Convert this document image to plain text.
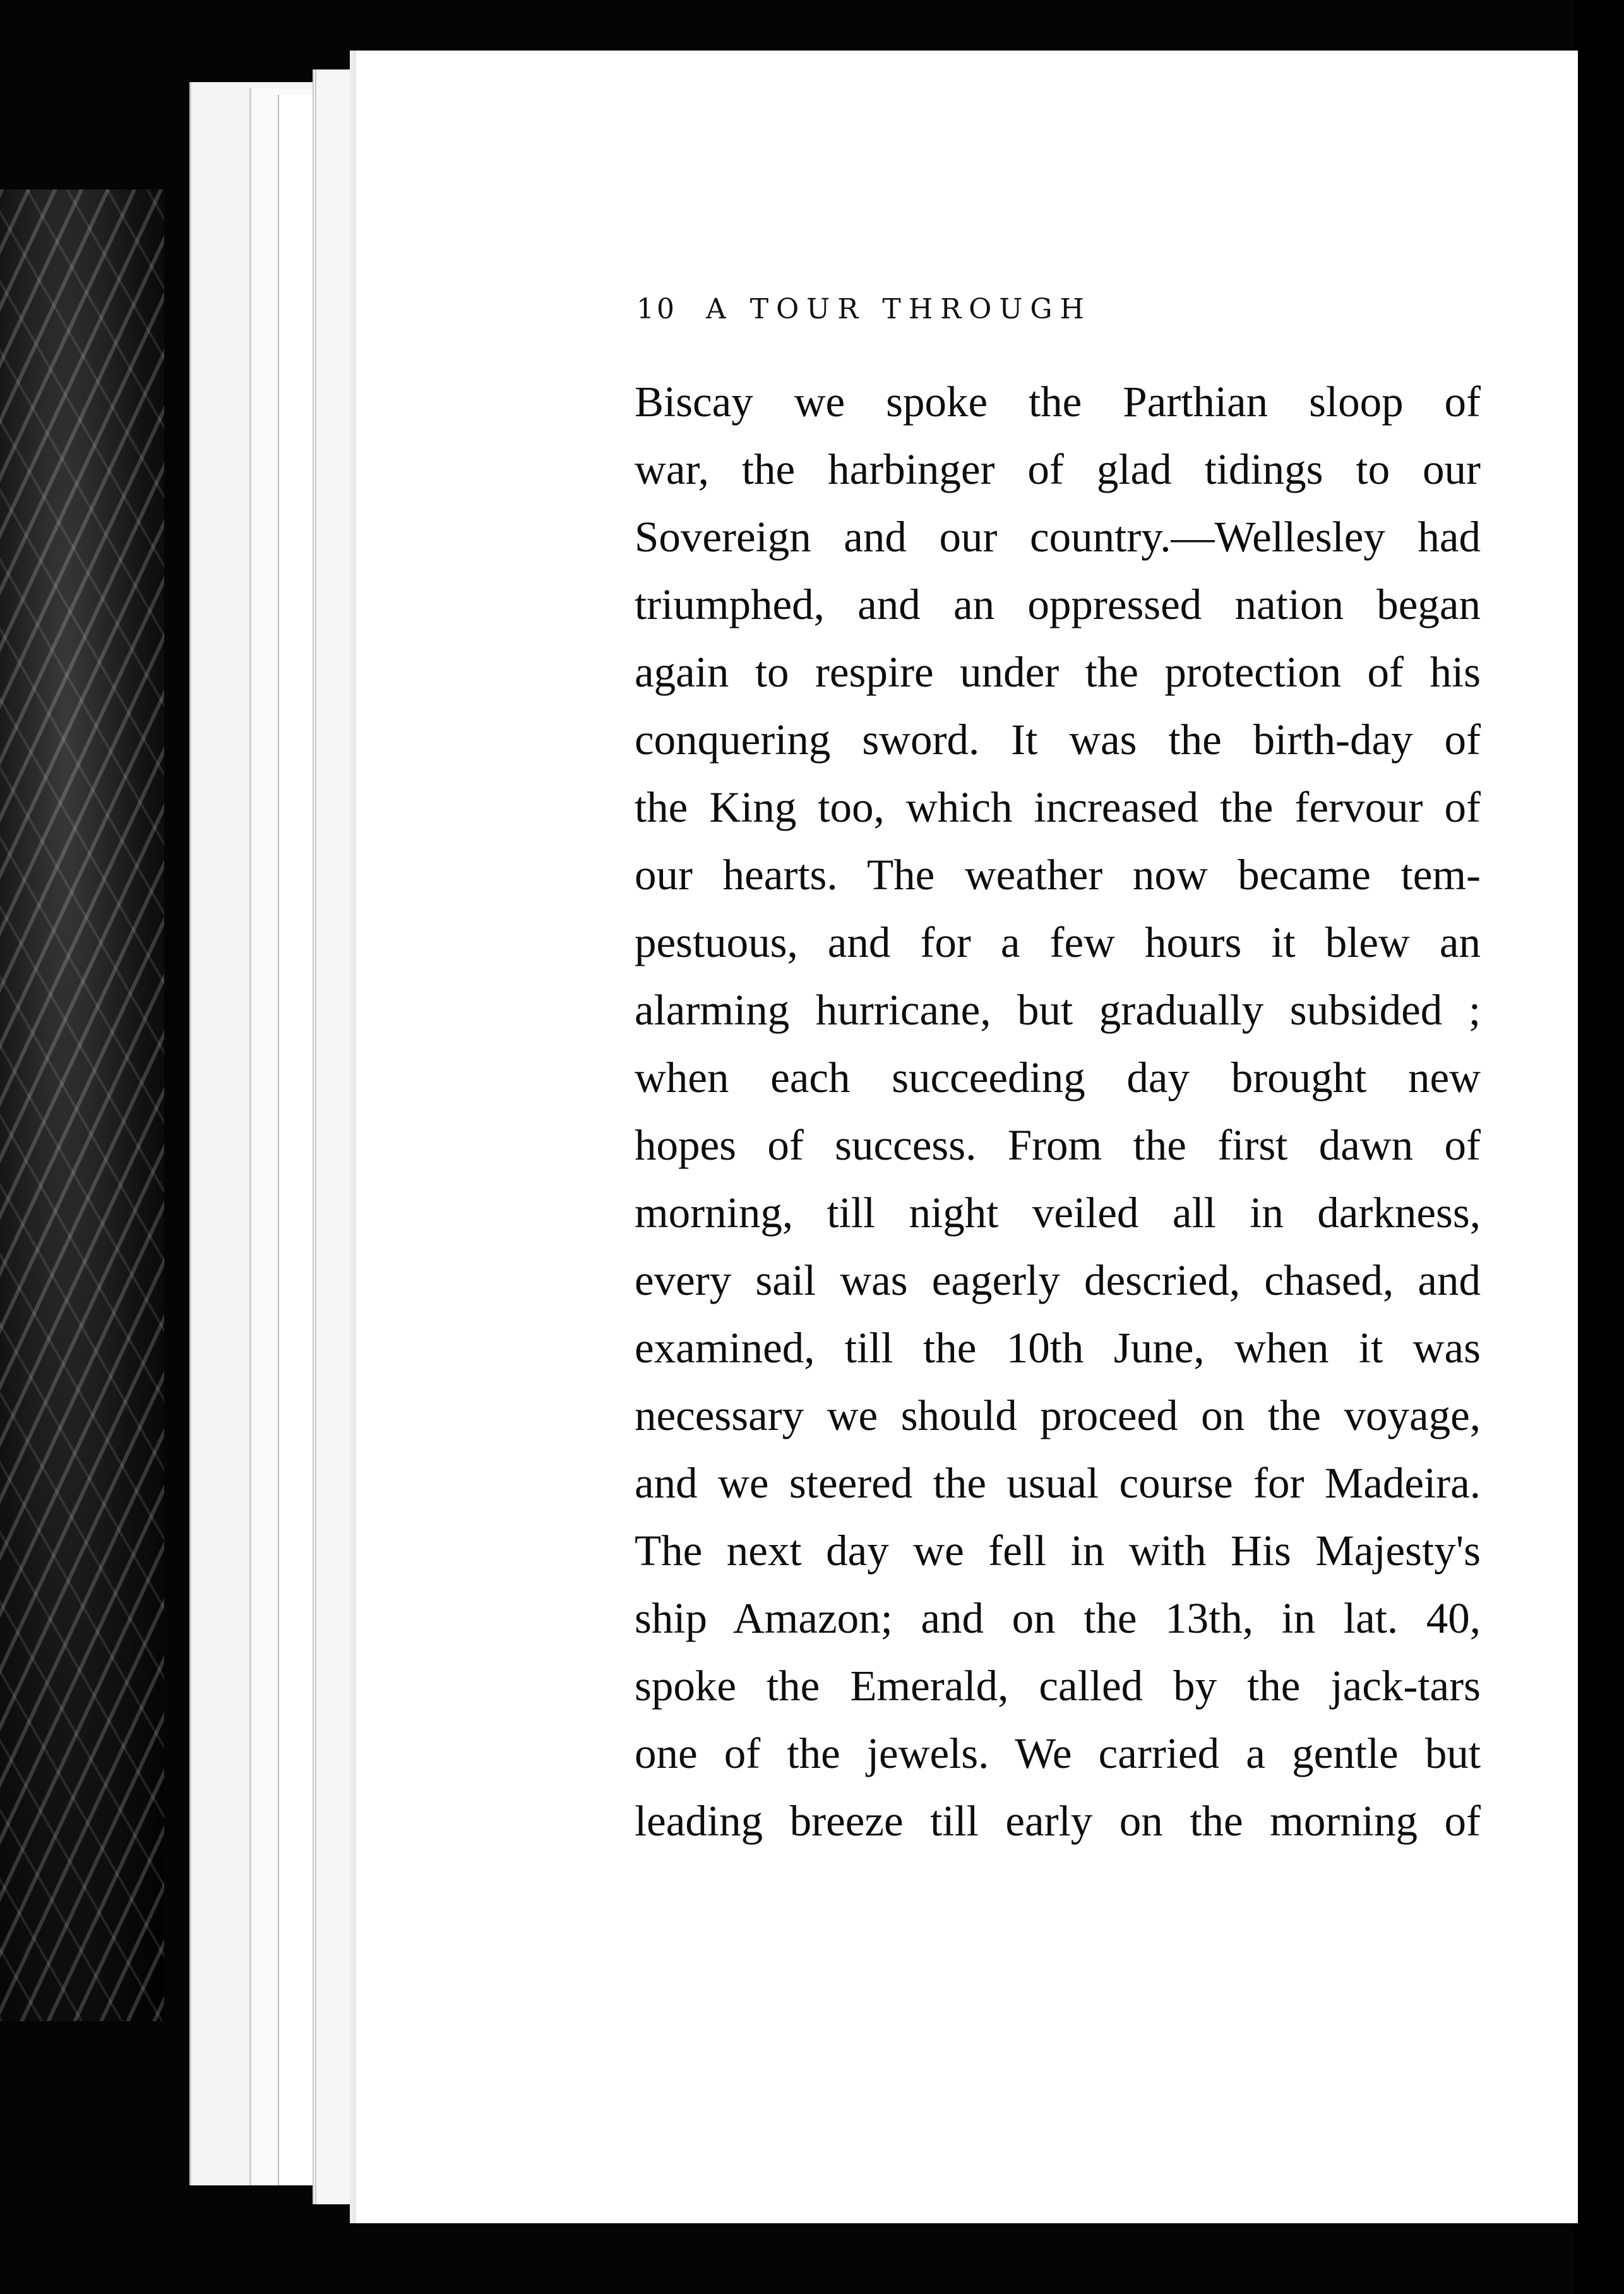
10 A TOUR THROUGH
Biscay we spoke the Parthian sloop of
war, the harbinger of glad tidings to our
Sovereign and our country.—Wellesley had
triumphed, and an oppressed nation began
again to respire under the protection of his
conquering sword. It was the birth-day of
the King too, which increased the fervour of
our hearts. The weather now became tem-
pestuous, and for a few hours it blew an
alarming hurricane, but gradually subsided ;
when each succeeding day brought new
hopes of success. From the first dawn of
morning, till night veiled all in darkness,
every sail was eagerly descried, chased, and
examined, till the 10th June, when it was
necessary we should proceed on the voyage,
and we steered the usual course for Madeira.
The next day we fell in with His Majesty's
ship Amazon; and on the 13th, in lat. 40,
spoke the Emerald, called by the jack-tars
one of the jewels. We carried a gentle but
leading breeze till early on the morning of
